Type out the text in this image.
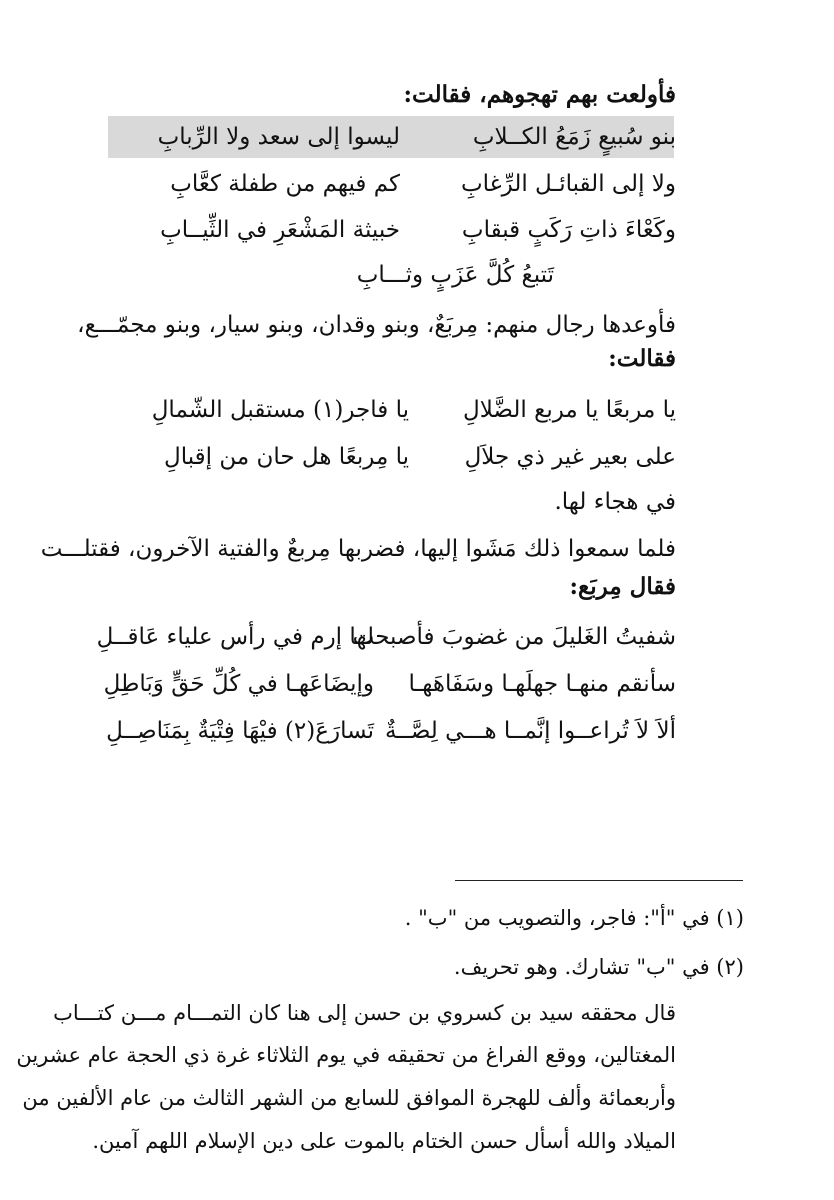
فأولعت بهم تهجوهم، فقالت:
بنو سُبيعٍ زَمَعُ الكــلابِ
ليسوا إلى سعد ولا الرِّبابِ
ولا إلى القبائـل الرِّغابِ
كم فيهم من طفلة كعَّابِ
وكَعْاءَ ذاتِ رَكَبٍ قبقابِ
خبيثة المَشْعَرِ في الثِّيــابِ
تَتبعُ كُلَّ عَزَبٍ وثـــابِ
فأوعدها رجال منهم: مِربَعٌ، وبنو وقدان، وبنو سيار، وبنو مجمّـــع،
فقالت:
يا مربعًا يا مربع الضَّلالِ
يا فاجر(١) مستقبل الشّمالِ
على بعير غير ذي جلاَلِ
يا مِربعًا هل حان من إقبالِ
في هجاء لها.
فلما سمعوا ذلك مَشَوا إليها، فضربها مِربعٌ والفتية الآخرون، فقتلـــت
فقال مِربَع:
شفيتُ الغَليلَ من غضوبَ فأصبحت
لها إرم في رأس علياء عَاقــلِ
سأنقم منهـا جهلَهـا وسَفَاهَهـا
وإيضَاعَهـا في كُلِّ حَقٍّ وَبَاطِلِ
ألاَ لاَ تُراعــوا إنَّمــا هـــي لِصَّــةٌ
تَسارَعَ(٢) فيْهَا فِتْيَةٌ بِمَنَاصِــلِ
(١) في "أ": فاجر، والتصويب من "ب" .
(٢) في "ب" تشارك. وهو تحريف.
قال محققه سيد بن كسروي بن حسن إلى هنا كان التمـــام مـــن كتـــاب
المغتالين، ووقع الفراغ من تحقيقه في يوم الثلاثاء غرة ذي الحجة عام عشرين
وأربعمائة وألف للهجرة الموافق للسابع من الشهر الثالث من عام الألفين من
الميلاد والله أسأل حسن الختام بالموت على دين الإسلام اللهم آمين.
